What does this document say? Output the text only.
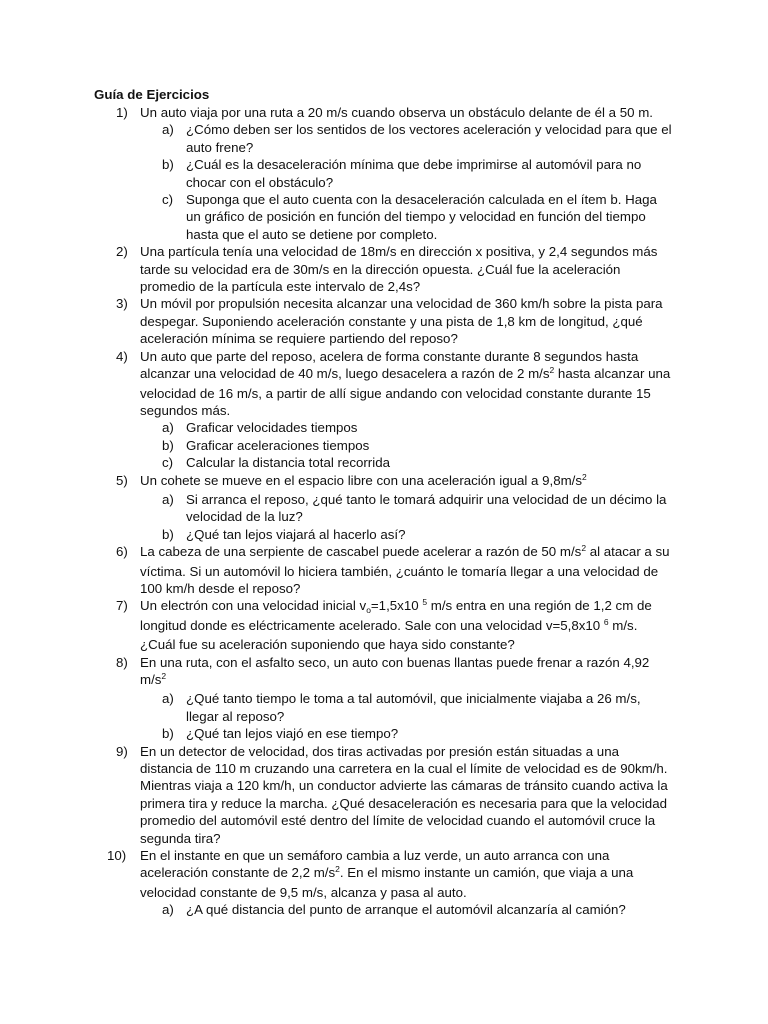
Guía de Ejercicios
1) Un auto viaja por una ruta a 20 m/s cuando observa un obstáculo delante de él a 50 m.
a) ¿Cómo deben ser los sentidos de los vectores aceleración y velocidad para que el auto frene?
b) ¿Cuál es la desaceleración mínima que debe imprimirse al automóvil para no chocar con el obstáculo?
c) Suponga que el auto cuenta con la desaceleración calculada en el ítem b. Haga un gráfico de posición en función del tiempo y velocidad en función del tiempo hasta que el auto se detiene por completo.
2) Una partícula tenía una velocidad de 18m/s en dirección x positiva, y 2,4 segundos más tarde su velocidad era de 30m/s en la dirección opuesta. ¿Cuál fue la aceleración promedio de la partícula este intervalo de 2,4s?
3) Un móvil por propulsión necesita alcanzar una velocidad de 360 km/h sobre la pista para despegar. Suponiendo aceleración constante y una pista de 1,8 km de longitud, ¿qué aceleración mínima se requiere partiendo del reposo?
4) Un auto que parte del reposo, acelera de forma constante durante 8 segundos hasta alcanzar una velocidad de 40 m/s, luego desacelera a razón de 2 $m/s^2$ hasta alcanzar una velocidad de 16 m/s, a partir de allí sigue andando con velocidad constante durante 15 segundos más.
a) Graficar velocidades tiempos
b) Graficar aceleraciones tiempos
c) Calcular la distancia total recorrida
5) Un cohete se mueve en el espacio libre con una aceleración igual a $9,8m/s^2$
a) Si arranca el reposo, ¿qué tanto le tomará adquirir una velocidad de un décimo la velocidad de la luz?
b) ¿Qué tan lejos viajará al hacerlo así?
6) La cabeza de una serpiente de cascabel puede acelerar a razón de 50 $m/s^2$ al atacar a su víctima. Si un automóvil lo hiciera también, ¿cuánto le tomaría llegar a una velocidad de 100 km/h desde el reposo?
7) Un electrón con una velocidad inicial $v_o=1,5x10$ $^5$ m/s entra en una región de 1,2 cm de longitud donde es eléctricamente acelerado. Sale con una velocidad v=5,8x10 $^6$ m/s. ¿Cuál fue su aceleración suponiendo que haya sido constante?
8) En una ruta, con el asfalto seco, un auto con buenas llantas puede frenar a razón 4,92 $m/s^2$
a) ¿Qué tanto tiempo le toma a tal automóvil, que inicialmente viajaba a 26 m/s, llegar al reposo?
b) ¿Qué tan lejos viajó en ese tiempo?
9) En un detector de velocidad, dos tiras activadas por presión están situadas a una distancia de 110 m cruzando una carretera en la cual el límite de velocidad es de 90km/h. Mientras viaja a 120 km/h, un conductor advierte las cámaras de tránsito cuando activa la primera tira y reduce la marcha. ¿Qué desaceleración es necesaria para que la velocidad promedio del automóvil esté dentro del límite de velocidad cuando el automóvil cruce la segunda tira?
10) En el instante en que un semáforo cambia a luz verde, un auto arranca con una aceleración constante de 2,2 $m/s^2$. En el mismo instante un camión, que viaja a una velocidad constante de 9,5 m/s, alcanza y pasa al auto.
a) ¿A qué distancia del punto de arranque el automóvil alcanzaría al camión?
